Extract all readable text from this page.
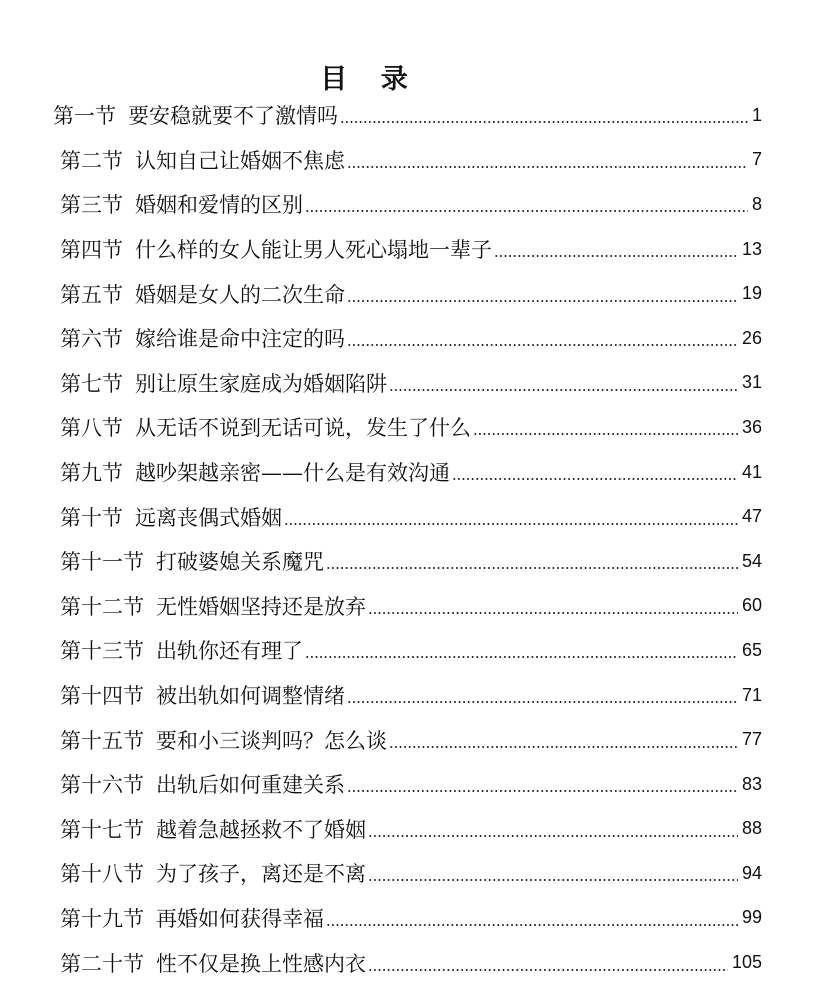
目 录
第一节 要安稳就要不了激情吗	1
第二节 认知自己让婚姻不焦虑	7
第三节 婚姻和爱情的区别	8
第四节 什么样的女人能让男人死心塌地一辈子	13
第五节 婚姻是女人的二次生命	19
第六节 嫁给谁是命中注定的吗	26
第七节 别让原生家庭成为婚姻陷阱	31
第八节 从无话不说到无话可说，发生了什么	36
第九节 越吵架越亲密——什么是有效沟通	41
第十节 远离丧偶式婚姻	47
第十一节 打破婆媳关系魔咒	54
第十二节 无性婚姻坚持还是放弃	60
第十三节 出轨你还有理了	65
第十四节 被出轨如何调整情绪	71
第十五节 要和小三谈判吗？怎么谈	77
第十六节 出轨后如何重建关系	83
第十七节 越着急越拯救不了婚姻	88
第十八节 为了孩子，离还是不离	94
第十九节 再婚如何获得幸福	99
第二十节 性不仅是换上性感内衣	105
